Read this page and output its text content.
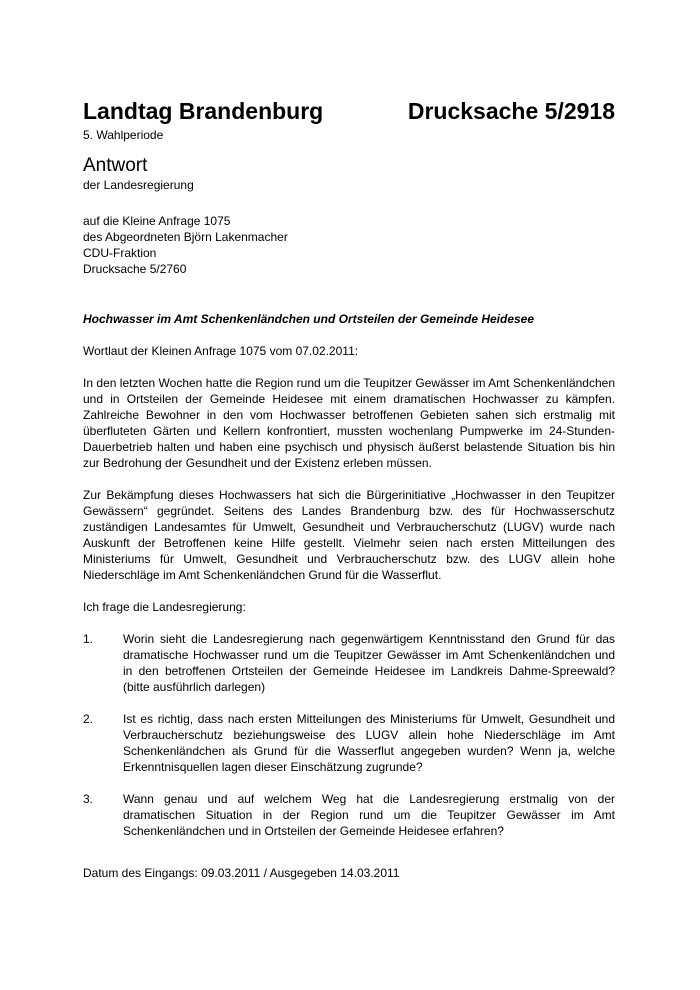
Landtag Brandenburg	Drucksache 5/2918
5. Wahlperiode
Antwort
der Landesregierung
auf die Kleine Anfrage 1075
des Abgeordneten Björn Lakenmacher
CDU-Fraktion
Drucksache 5/2760
Hochwasser im Amt Schenkenländchen und Ortsteilen der Gemeinde Heidesee
Wortlaut der Kleinen Anfrage 1075 vom 07.02.2011:
In den letzten Wochen hatte die Region rund um die Teupitzer Gewässer im Amt Schenkenländchen und in Ortsteilen der Gemeinde Heidesee mit einem dramatischen Hochwasser zu kämpfen. Zahlreiche Bewohner in den vom Hochwasser betroffenen Gebieten sahen sich erstmalig mit überfluteten Gärten und Kellern konfrontiert, mussten wochenlang Pumpwerke im 24-Stunden-Dauerbetrieb halten und haben eine psychisch und physisch äußerst belastende Situation bis hin zur Bedrohung der Gesundheit und der Existenz erleben müssen.
Zur Bekämpfung dieses Hochwassers hat sich die Bürgerinitiative „Hochwasser in den Teupitzer Gewässern“ gegründet. Seitens des Landes Brandenburg bzw. des für Hochwasserschutz zuständigen Landesamtes für Umwelt, Gesundheit und Verbraucherschutz (LUGV) wurde nach Auskunft der Betroffenen keine Hilfe gestellt. Vielmehr seien nach ersten Mitteilungen des Ministeriums für Umwelt, Gesundheit und Verbraucherschutz bzw. des LUGV allein hohe Niederschläge im Amt Schenkenländchen Grund für die Wasserflut.
Ich frage die Landesregierung:
1.	Worin sieht die Landesregierung nach gegenwärtigem Kenntnisstand den Grund für das dramatische Hochwasser rund um die Teupitzer Gewässer im Amt Schenkenländchen und in den betroffenen Ortsteilen der Gemeinde Heidesee im Landkreis Dahme-Spreewald? (bitte ausführlich darlegen)
2.	Ist es richtig, dass nach ersten Mitteilungen des Ministeriums für Umwelt, Gesundheit und Verbraucherschutz beziehungsweise des LUGV allein hohe Niederschläge im Amt Schenkenländchen als Grund für die Wasserflut angegeben wurden? Wenn ja, welche Erkenntnisquellen lagen dieser Einschätzung zugrunde?
3.	Wann genau und auf welchem Weg hat die Landesregierung erstmalig von der dramatischen Situation in der Region rund um die Teupitzer Gewässer im Amt Schenkenländchen und in Ortsteilen der Gemeinde Heidesee erfahren?
Datum des Eingangs: 09.03.2011 / Ausgegeben 14.03.2011
